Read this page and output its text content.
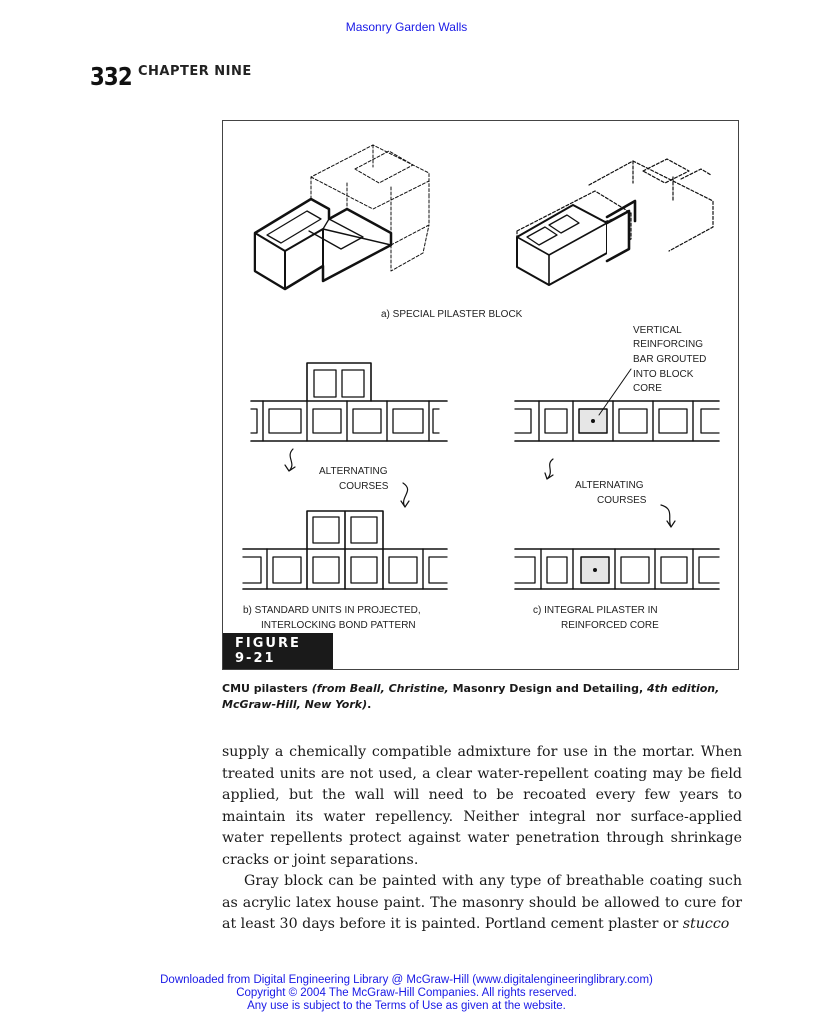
Masonry Garden Walls
332 CHAPTER NINE
a) SPECIAL PILASTER BLOCK
VERTICAL
REINFORCING
BAR GROUTED
INTO BLOCK
CORE
ALTERNATING
COURSES	ALTERNATING
COURSES
b) STANDARD UNITS IN PROJECTED,
INTERLOCKING BOND PATTERN
c) INTEGRAL PILASTER IN
REINFORCED CORE
FIGURE 9-21
CMU pilasters (from Beall, Christine, Masonry Design and Detailing, 4th edition, McGraw-Hill, New York).

supply a chemically compatible admixture for use in the mortar. When treated units are not used, a clear water-repellent coating may be field applied, but the wall will need to be recoated every few years to maintain its water repellency. Neither integral nor surface-applied water repellents protect against water penetration through shrinkage cracks or joint separations.

Gray block can be painted with any type of breathable coating such as acrylic latex house paint. The masonry should be allowed to cure for at least 30 days before it is painted. Portland cement plaster or stucco

Downloaded from Digital Engineering Library @ McGraw-Hill (www.digitalengineeringlibrary.com)
Copyright © 2004 The McGraw-Hill Companies. All rights reserved.
Any use is subject to the Terms of Use as given at the website.
